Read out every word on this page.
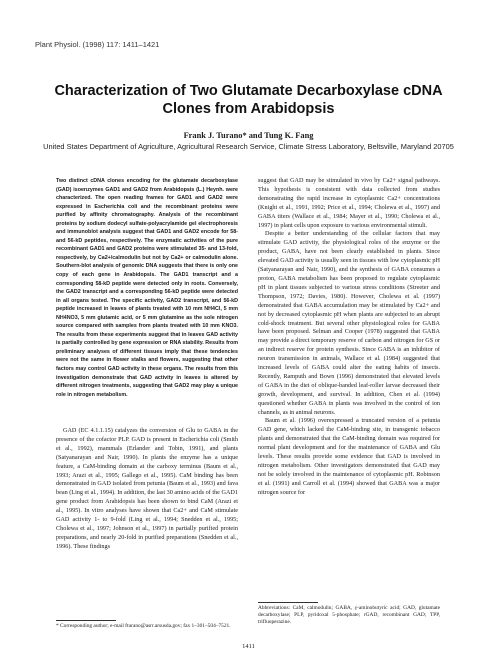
Plant Physiol. (1998) 117: 1411–1421
Characterization of Two Glutamate Decarboxylase cDNA Clones from Arabidopsis
Frank J. Turano* and Tung K. Fang
United States Department of Agriculture, Agricultural Research Service, Climate Stress Laboratory, Beltsville, Maryland 20705

Two distinct cDNA clones encoding for the glutamate decarboxylase (GAD) isoenzymes GAD1 and GAD2 from Arabidopsis (L.) Heynh. were characterized. The open reading frames for GAD1 and GAD2 were expressed in Escherichia coli and the recombinant proteins were purified by affinity chromatography. Analysis of the recombinant proteins by sodium dodecyl sulfate-polyacrylamide gel electrophoresis and immunoblot analysis suggest that GAD1 and GAD2 encode for 58- and 56-kD peptides, respectively. The enzymatic activities of the pure recombinant GAD1 and GAD2 proteins were stimulated 35- and 13-fold, respectively, by Ca2+/calmodulin but not by Ca2+ or calmodulin alone. Southern-blot analysis of genomic DNA suggests that there is only one copy of each gene in Arabidopsis. The GAD1 transcript and a corresponding 58-kD peptide were detected only in roots. Conversely, the GAD2 transcript and a corresponding 56-kD peptide were detected in all organs tested. The specific activity, GAD2 transcript, and 56-kD peptide increased in leaves of plants treated with 10 mm NH4Cl, 5 mm NH4NO3, 5 mm glutamic acid, or 5 mm glutamine as the sole nitrogen source compared with samples from plants treated with 10 mm KNO3. The results from these experiments suggest that in leaves GAD activity is partially controlled by gene expression or RNA stability. Results from preliminary analyses of different tissues imply that these tendencies were not the same in flower stalks and flowers, suggesting that other factors may control GAD activity in these organs. The results from this investigation demonstrate that GAD activity in leaves is altered by different nitrogen treatments, suggesting that GAD2 may play a unique role in nitrogen metabolism.

GAD (EC 4.1.1.15) catalyzes the conversion of Glu to GABA in the presence of the cofactor PLP. GAD is present in Escherichia coli (Smith et al., 1992), mammals (Erlander and Tobin, 1991), and plants (Satyanarayan and Nair, 1990). In plants the enzyme has a unique feature, a CaM-binding domain at the carboxy terminus (Baum et al., 1993; Arazi et al., 1995; Gallego et al., 1995). CaM binding has been demonstrated in GAD isolated from petunia (Baum et al., 1993) and fava bean (Ling et al., 1994). In addition, the last 30 amino acids of the GAD1 gene product from Arabidopsis has been shown to bind CaM (Arazi et al., 1995). In vitro analyses have shown that Ca2+ and CaM stimulate GAD activity 1- to 9-fold (Ling et al., 1994; Snedden et al., 1995; Cholewa et al., 1997; Johnson et al., 1997) in partially purified protein preparations, and nearly 20-fold in purified preparations (Snedden et al., 1996). These findings

suggest that GAD may be stimulated in vivo by Ca2+ signal pathways. This hypothesis is consistent with data collected from studies demonstrating the rapid increase in cytoplasmic Ca2+ concentrations (Knight et al., 1991, 1992; Price et al., 1994; Cholewa et al., 1997) and GABA titers (Wallace et al., 1984; Mayer et al., 1990; Cholewa et al., 1997) in plant cells upon exposure to various environmental stimuli.

Despite a better understanding of the cellular factors that may stimulate GAD activity, the physiological roles of the enzyme or the product, GABA, have not been clearly established in plants. Since elevated GAD activity is usually seen in tissues with low cytoplasmic pH (Satyanarayan and Nair, 1990), and the synthesis of GABA consumes a proton, GABA metabolism has been proposed to regulate cytoplasmic pH in plant tissues subjected to various stress conditions (Streeter and Thompson, 1972; Davies, 1980). However, Cholewa et al. (1997) demonstrated that GABA accumulation may be stimulated by Ca2+ and not by decreased cytoplasmic pH when plants are subjected to an abrupt cold-shock treatment. But several other physiological roles for GABA have been proposed. Selman and Cooper (1978) suggested that GABA may provide a direct temporary reserve of carbon and nitrogen for GS or an indirect reserve for protein synthesis. Since GABA is an inhibitor of neuron transmission in animals, Wallace et al. (1984) suggested that increased levels of GABA could alter the eating habits of insects. Recently, Ramputh and Bown (1996) demonstrated that elevated levels of GABA in the diet of oblique-banded leaf-roller larvae decreased their growth, development, and survival. In addition, Chen et al. (1994) questioned whether GABA in plants was involved in the control of ion channels, as in animal neurons.

Baum et al. (1996) overexpressed a truncated version of a petunia GAD gene, which lacked the CaM-binding site, in transgenic tobacco plants and demonstrated that the CaM-binding domain was required for normal plant development and for the maintenance of GABA and Glu levels. These results provide some evidence that GAD is involved in nitrogen metabolism. Other investigators demonstrated that GAD may not be solely involved in the maintenance of cytoplasmic pH. Robinson et al. (1991) and Carroll et al. (1994) showed that GABA was a major nitrogen source for

* Corresponding author; e-mail fturano@asrr.arsusda.gov; fax 1–301–504–7521.
Abbreviations: CaM, calmodulin; GABA, γ-aminobutyric acid; GAD, glutamate decarboxylase; PLP, pyridoxal 5-phosphate; rGAD, recombinant GAD; TPP, trifluoperazine.
1411
